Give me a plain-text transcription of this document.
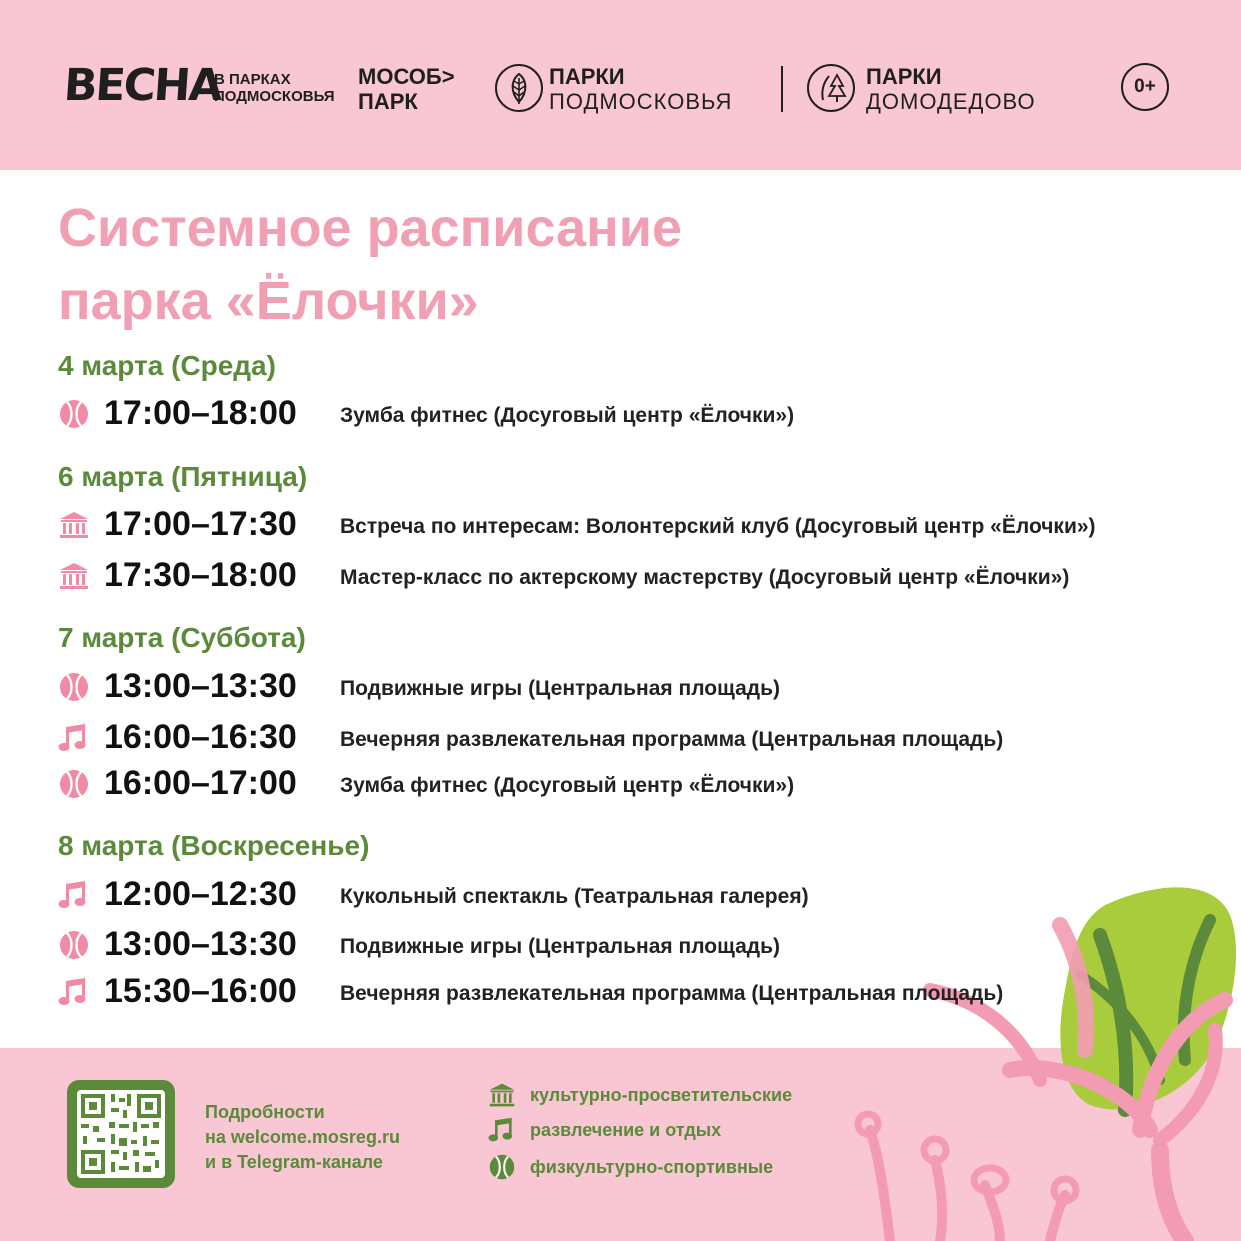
ВЕСНА
В ПАРКАХ
ПОДМОСКОВЬЯ
МОСОБ>
ПАРК
ПАРКИ
ПОДМОСКОВЬЯ
ПАРКИ
ДОМОДЕДОВО
0+
Системное расписание
парка «Ёлочки»
4 марта (Среда)
17:00–18:00 Зумба фитнес (Досуговый центр «Ёлочки»)
6 марта (Пятница)
17:00–17:30 Встреча по интересам: Волонтерский клуб (Досуговый центр «Ёлочки»)
17:30–18:00 Мастер-класс по актерскому мастерству (Досуговый центр «Ёлочки»)
7 марта (Суббота)
13:00–13:30 Подвижные игры (Центральная площадь)
16:00–16:30 Вечерняя развлекательная программа (Центральная площадь)
16:00–17:00 Зумба фитнес (Досуговый центр «Ёлочки»)
8 марта (Воскресенье)
12:00–12:30 Кукольный спектакль (Театральная галерея)
13:00–13:30 Подвижные игры (Центральная площадь)
15:30–16:00 Вечерняя развлекательная программа (Центральная площадь)
Подробности
на welcome.mosreg.ru
и в Telegram-канале
культурно-просветительские
развлечение и отдых
физкультурно-спортивные
